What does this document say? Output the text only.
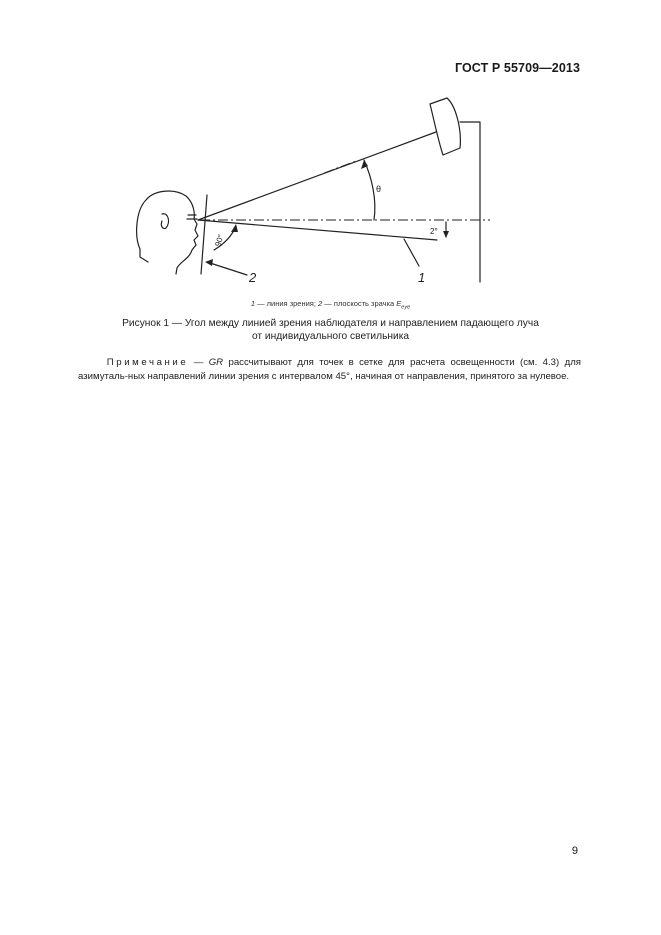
ГОСТ Р 55709—2013
θ
2°
90°
1
2
1 — линия зрения; 2 — плоскость зрачка $E_{eye}$
Рисунок 1 — Угол между линией зрения наблюдателя и направлением падающего луча
от индивидуального светильника
   Примечание — GR рассчитывают для точек в сетке для расчета освещенности (см. 4.3) для азимуталь-ных направлений линии зрения с интервалом 45°, начиная от направления, принятого за нулевое.
9
